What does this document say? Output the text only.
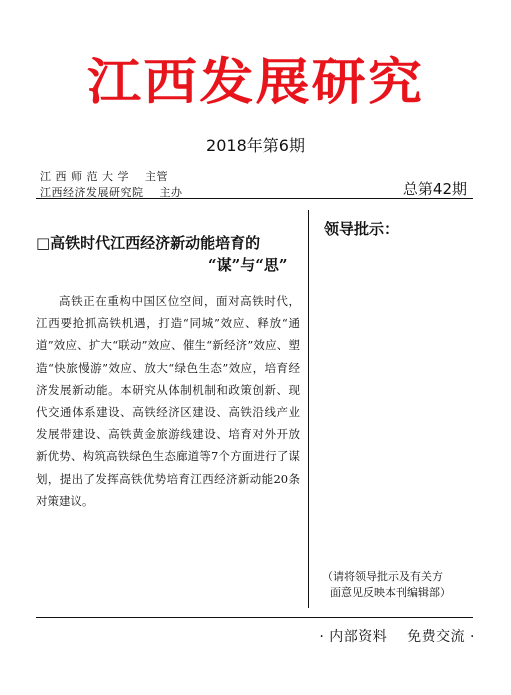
江西发展研究
2018年第6期
江 西 师 范 大 学    主管
江西经济发展研究院    主办	总第42期
□高铁时代江西经济新动能培育的
“谋”与“思”

高铁正在重构中国区位空间，面对高铁时代，江西要抢抓高铁机遇，打造“同城”效应、释放“通道”效应、扩大“联动”效应、催生“新经济”效应、塑造“快旅慢游”效应、放大“绿色生态”效应，培育经济发展新动能。本研究从体制机制和政策创新、现代交通体系建设、高铁经济区建设、高铁沿线产业发展带建设、高铁黄金旅游线建设、培育对外开放新优势、构筑高铁绿色生态廊道等7个方面进行了谋划，提出了发挥高铁优势培育江西经济新动能20条对策建议。

领导批示：
（请将领导批示及有关方
面意见反映本刊编辑部）
· 内部资料    免费交流 ·
